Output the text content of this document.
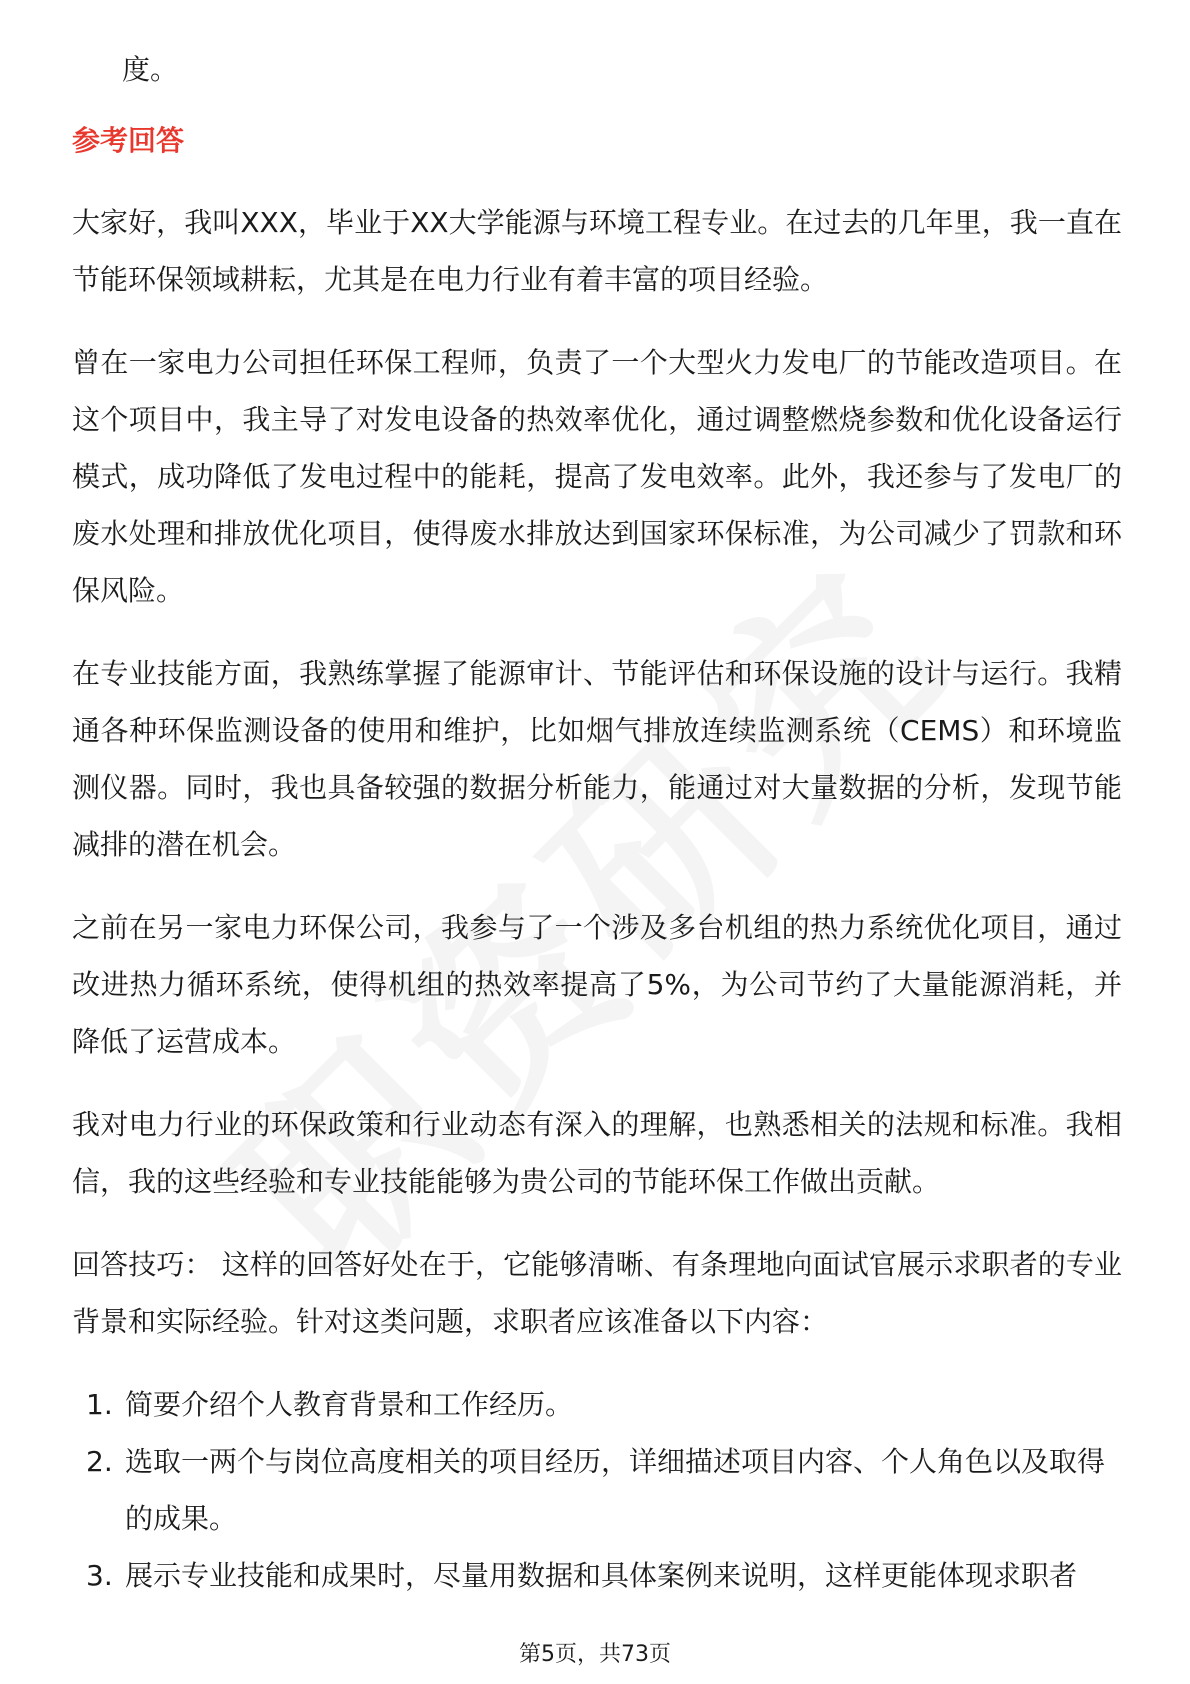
度。

参考回答

大家好，我叫XXX，毕业于XX大学能源与环境工程专业。在过去的几年里，我一直在节能环保领域耕耘，尤其是在电力行业有着丰富的项目经验。

曾在一家电力公司担任环保工程师，负责了一个大型火力发电厂的节能改造项目。在这个项目中，我主导了对发电设备的热效率优化，通过调整燃烧参数和优化设备运行模式，成功降低了发电过程中的能耗，提高了发电效率。此外，我还参与了发电厂的废水处理和排放优化项目，使得废水排放达到国家环保标准，为公司减少了罚款和环保风险。

在专业技能方面，我熟练掌握了能源审计、节能评估和环保设施的设计与运行。我精通各种环保监测设备的使用和维护，比如烟气排放连续监测系统（CEMS）和环境监测仪器。同时，我也具备较强的数据分析能力，能通过对大量数据的分析，发现节能减排的潜在机会。

之前在另一家电力环保公司，我参与了一个涉及多台机组的热力系统优化项目，通过改进热力循环系统，使得机组的热效率提高了5%，为公司节约了大量能源消耗，并降低了运营成本。

我对电力行业的环保政策和行业动态有深入的理解，也熟悉相关的法规和标准。我相信，我的这些经验和专业技能能够为贵公司的节能环保工作做出贡献。

回答技巧： 这样的回答好处在于，它能够清晰、有条理地向面试官展示求职者的专业背景和实际经验。针对这类问题，求职者应该准备以下内容：

1. 简要介绍个人教育背景和工作经历。
2. 选取一两个与岗位高度相关的项目经历，详细描述项目内容、个人角色以及取得的成果。
3. 展示专业技能和成果时，尽量用数据和具体案例来说明，这样更能体现求职者
第5页，共73页
